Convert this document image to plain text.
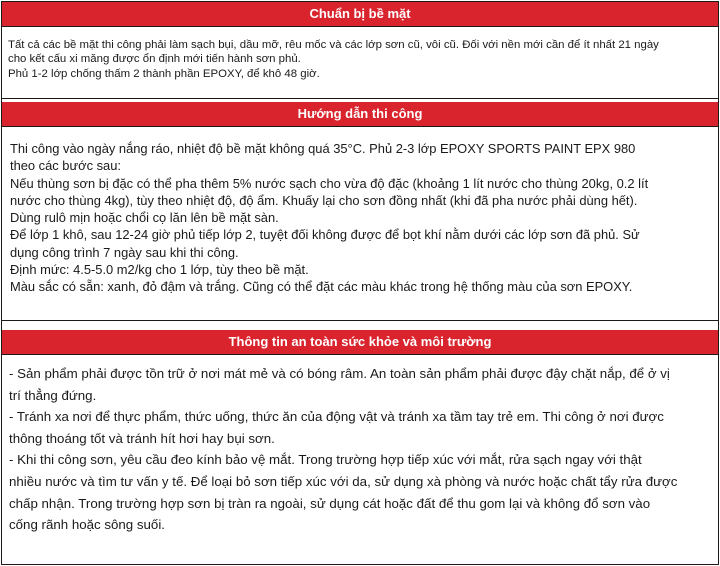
Chuẩn bị bề mặt

Tất cả các bề mặt thi công phải làm sạch bụi, dầu mỡ, rêu mốc và các lớp sơn cũ, vôi cũ. Đối với nền mới cần để ít nhất 21 ngày

cho kết cấu xi măng được ổn định mới tiến hành sơn phủ.

Phủ 1-2 lớp chống thấm 2 thành phần EPOXY, để khô 48 giờ.

Hướng dẫn thi công

Thi công vào ngày nắng ráo, nhiệt độ bề mặt không quá 35°C. Phủ 2-3 lớp EPOXY SPORTS PAINT EPX 980

theo các bước sau:

Nếu thùng sơn bị đặc có thể pha thêm 5% nước sạch cho vừa độ đặc (khoảng 1 lít nước cho thùng 20kg, 0.2 lít

nước cho thùng 4kg), tùy theo nhiệt độ, độ ẩm. Khuấy lại cho sơn đồng nhất (khi đã pha nước phải dùng hết).

Dùng rulô mịn hoặc chổi cọ lăn lên bề mặt sàn.

Để lớp 1 khô, sau 12-24 giờ phủ tiếp lớp 2, tuyệt đối không được để bọt khí nằm dưới các lớp sơn đã phủ. Sử

dụng công trình 7 ngày sau khi thi công.

Định mức: 4.5-5.0 m2/kg cho 1 lớp, tùy theo bề mặt.

Màu sắc có sẵn: xanh, đỏ đậm và trắng. Cũng có thể đặt các màu khác trong hệ thống màu của sơn EPOXY.

Thông tin an toàn sức khỏe và môi trường

- Sản phẩm phải được tồn trữ ở nơi mát mẻ và có bóng râm. An toàn sản phẩm phải được đậy chặt nắp, để ở vị

trí thẳng đứng.

- Tránh xa nơi để thực phẩm, thức uống, thức ăn của động vật và tránh xa tầm tay trẻ em. Thi công ở nơi được

thông thoáng tốt và tránh hít hơi hay bụi sơn.

- Khi thi công sơn, yêu cầu đeo kính bảo vệ mắt. Trong trường hợp tiếp xúc với mắt, rửa sạch ngay với thật

nhiều nước và tìm tư vấn y tế. Để loại bỏ sơn tiếp xúc với da, sử dụng xà phòng và nước hoặc chất tẩy rửa được

chấp nhận. Trong trường hợp sơn bị tràn ra ngoài, sử dụng cát hoặc đất để thu gom lại và không đổ sơn vào

cống rãnh hoặc sông suối.
